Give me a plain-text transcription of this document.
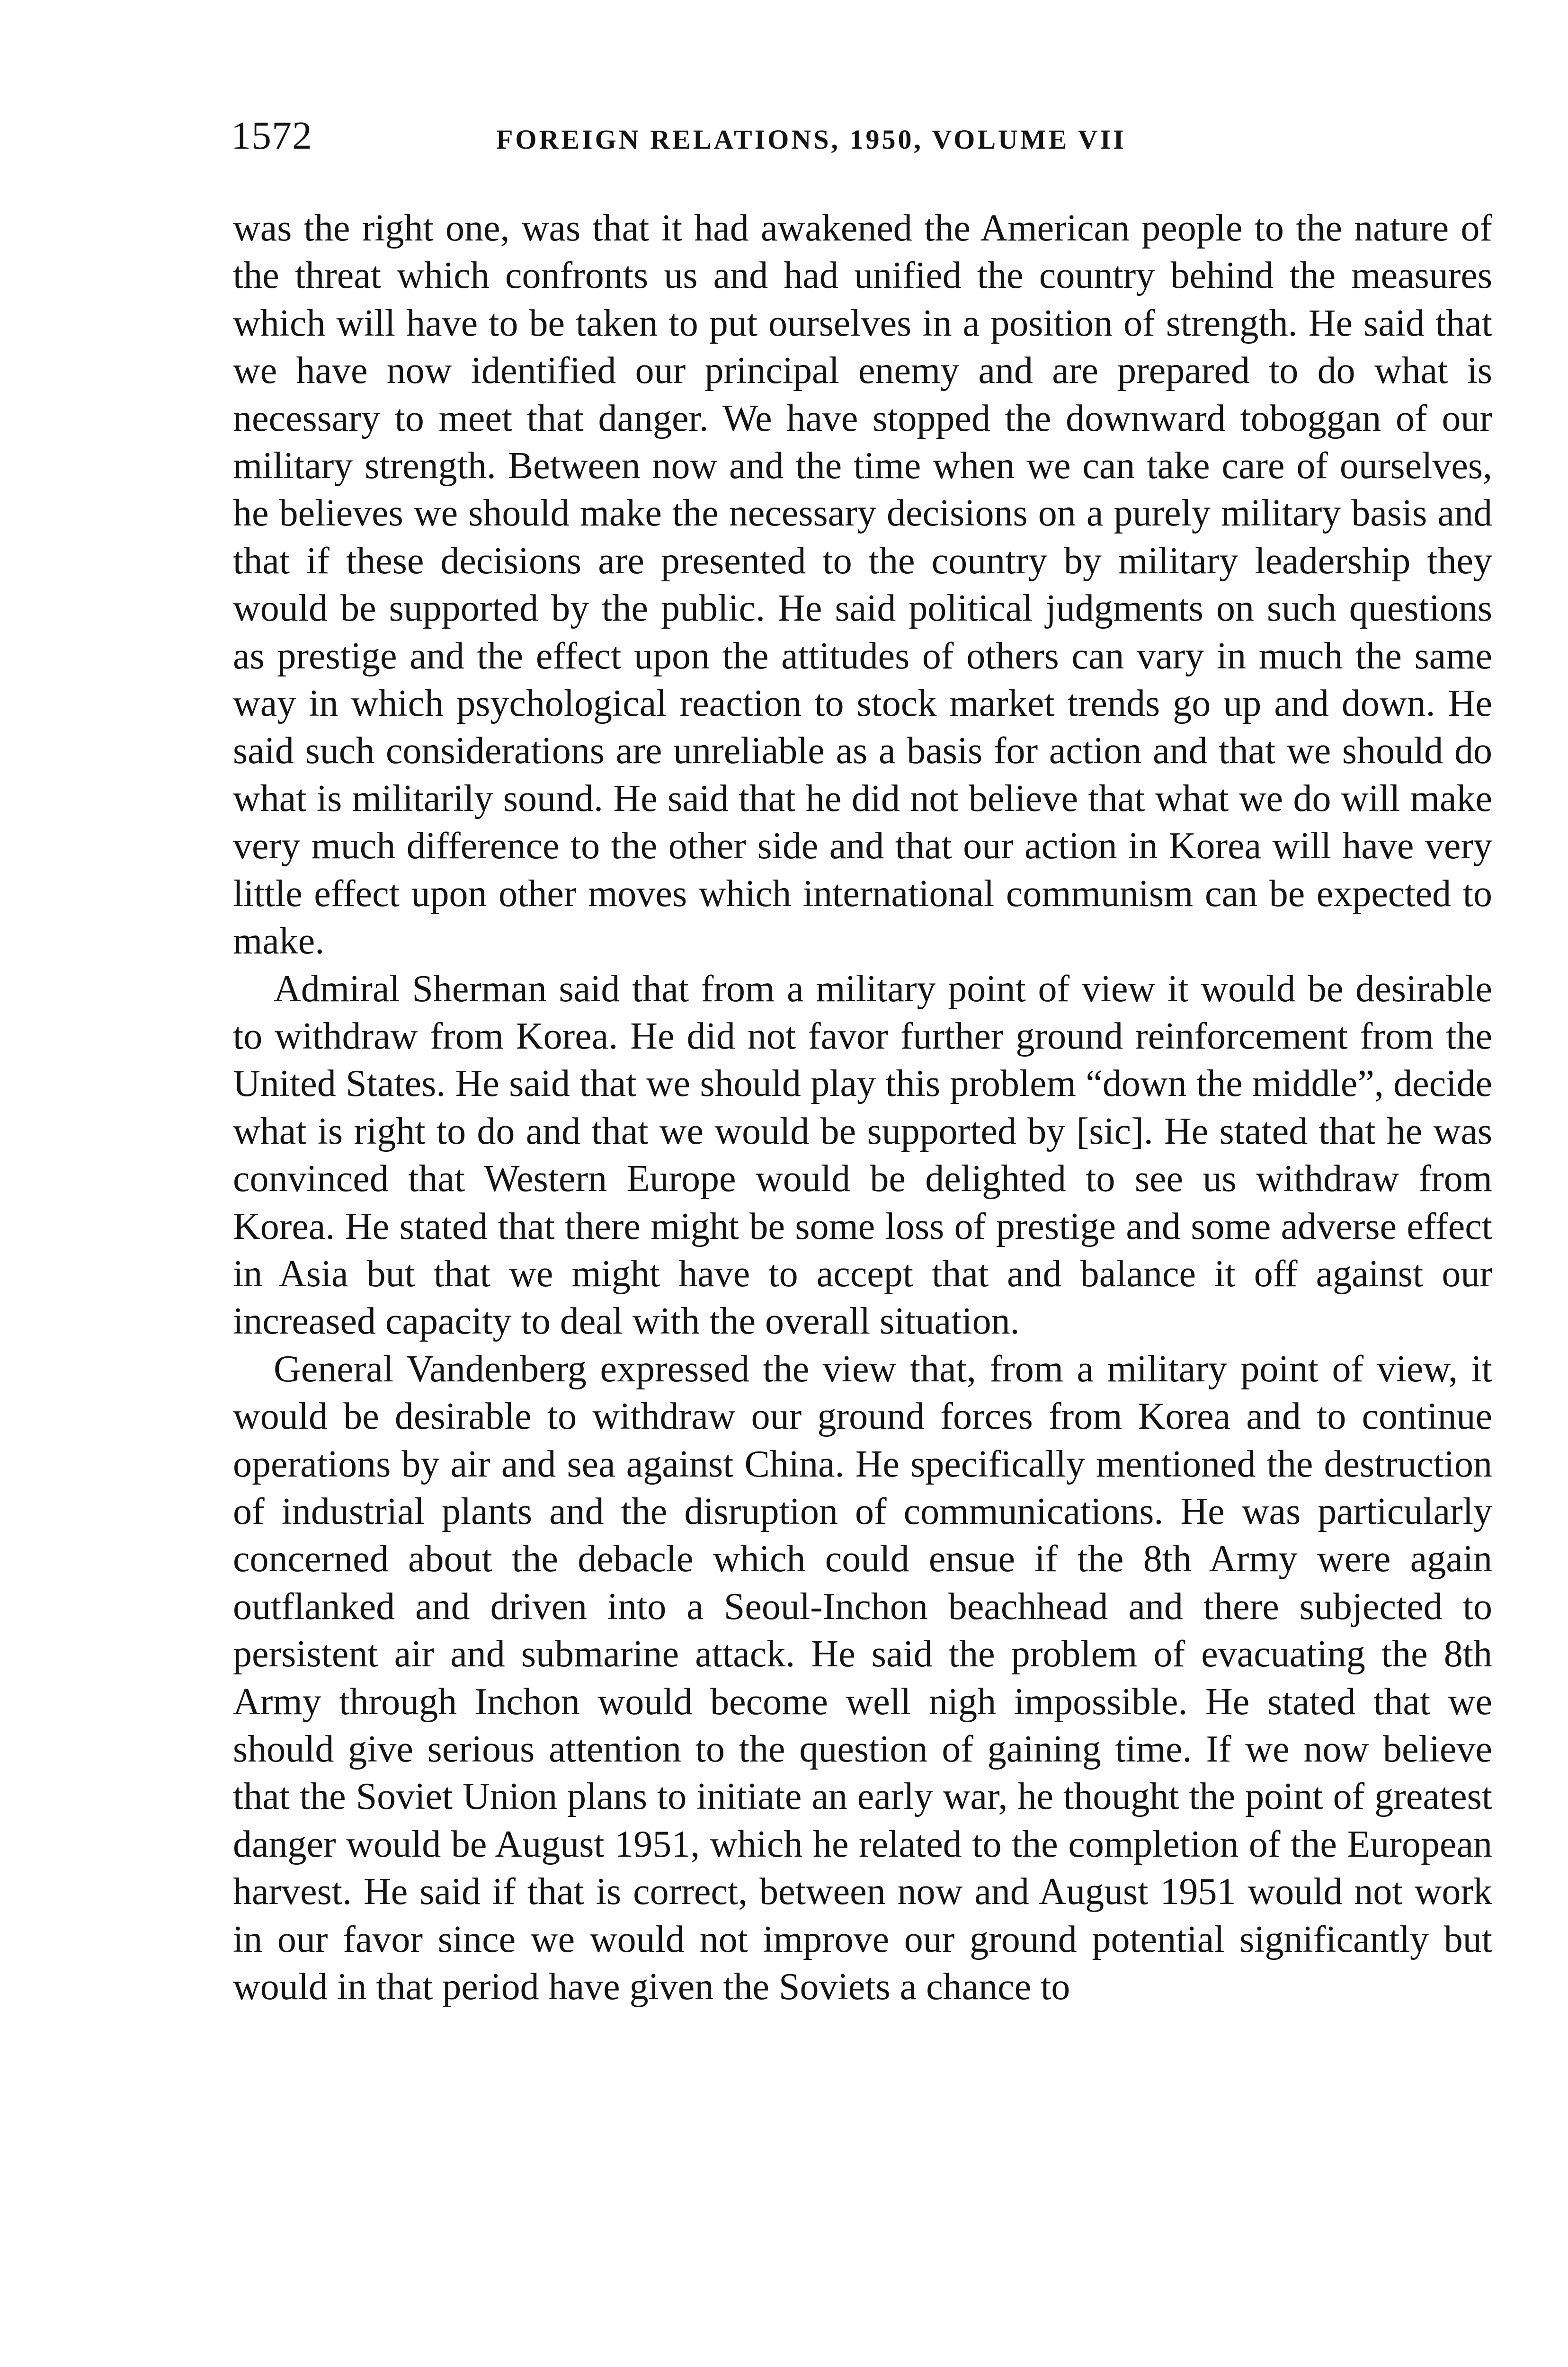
1572	FOREIGN RELATIONS, 1950, VOLUME VII

was the right one, was that it had awakened the American people to the nature of the threat which confronts us and had unified the country behind the measures which will have to be taken to put ourselves in a position of strength. He said that we have now identified our principal enemy and are prepared to do what is necessary to meet that danger. We have stopped the downward toboggan of our military strength. Between now and the time when we can take care of ourselves, he believes we should make the necessary decisions on a purely military basis and that if these decisions are presented to the country by military leadership they would be supported by the public. He said political judgments on such questions as prestige and the effect upon the attitudes of others can vary in much the same way in which psychological reaction to stock market trends go up and down. He said such considerations are unreliable as a basis for action and that we should do what is militarily sound. He said that he did not believe that what we do will make very much difference to the other side and that our action in Korea will have very little effect upon other moves which international communism can be expected to make.

Admiral Sherman said that from a military point of view it would be desirable to withdraw from Korea. He did not favor further ground reinforcement from the United States. He said that we should play this problem “down the middle”, decide what is right to do and that we would be supported by [sic]. He stated that he was convinced that Western Europe would be delighted to see us withdraw from Korea. He stated that there might be some loss of prestige and some adverse effect in Asia but that we might have to accept that and balance it off against our increased capacity to deal with the overall situation.

General Vandenberg expressed the view that, from a military point of view, it would be desirable to withdraw our ground forces from Korea and to continue operations by air and sea against China. He specifically mentioned the destruction of industrial plants and the disruption of communications. He was particularly concerned about the debacle which could ensue if the 8th Army were again outflanked and driven into a Seoul-Inchon beachhead and there subjected to persistent air and submarine attack. He said the problem of evacuating the 8th Army through Inchon would become well nigh impossible. He stated that we should give serious attention to the question of gaining time. If we now believe that the Soviet Union plans to initiate an early war, he thought the point of greatest danger would be August 1951, which he related to the completion of the European harvest. He said if that is correct, between now and August 1951 would not work in our favor since we would not improve our ground potential significantly but would in that period have given the Soviets a chance to
